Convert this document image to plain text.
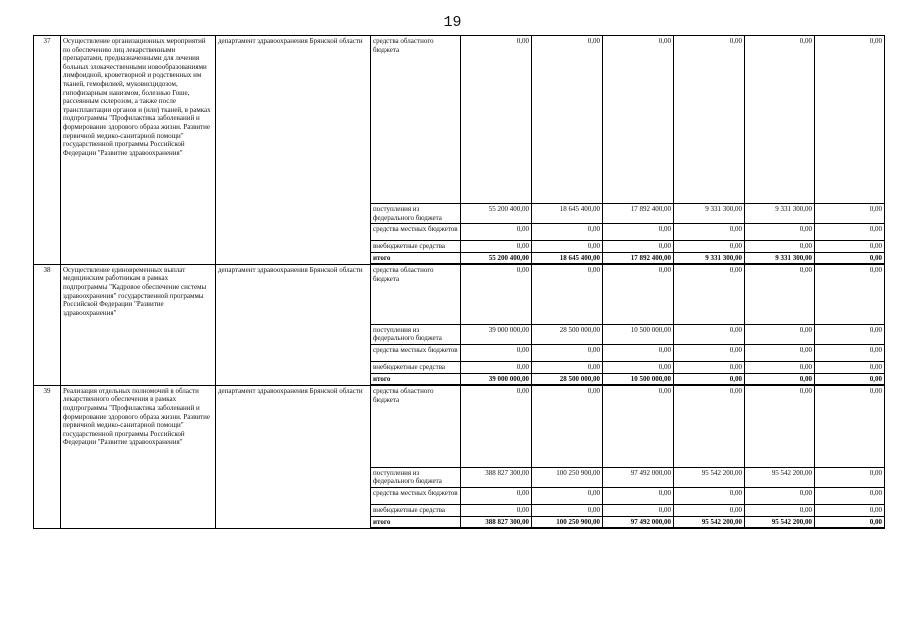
19
37	Осуществление организационных мероприятий по обеспечению лиц лекарственными препаратами, предназначенными для лечения больных злокачественными новообразованиями лимфоидной, кроветворной и родственных им тканей, гемофилией, муковисцидозом, гипофизарным нанизмом, болезнью Гоше, рассеянным склерозом, а также после трансплантации органов и (или) тканей, в рамках подпрограммы "Профилактика заболеваний и формирование здорового образа жизни. Развитие первичной медико-санитарной помощи" государственной программы Российской Федерации "Развитие здравоохранения"	департамент здравоохранения Брянской области	средства областного бюджета	0,00	0,00	0,00	0,00	0,00	0,00
			поступления из федерального бюджета	55 200 400,00	18 645 400,00	17 892 400,00	9 331 300,00	9 331 300,00	0,00
			средства местных бюджетов	0,00	0,00	0,00	0,00	0,00	0,00
			внебюджетные средства	0,00	0,00	0,00	0,00	0,00	0,00
			итого	55 200 400,00	18 645 400,00	17 892 400,00	9 331 300,00	9 331 300,00	0,00
38	Осуществление единовременных выплат медицинским работникам в рамках подпрограммы "Кадровое обеспечение системы здравоохранения" государственной программы Российской Федерации "Развитие здравоохранения"	департамент здравоохранения Брянской области	средства областного бюджета	0,00	0,00	0,00	0,00	0,00	0,00
			поступления из федерального бюджета	39 000 000,00	28 500 000,00	10 500 000,00	0,00	0,00	0,00
			средства местных бюджетов	0,00	0,00	0,00	0,00	0,00	0,00
			внебюджетные средства	0,00	0,00	0,00	0,00	0,00	0,00
			итого	39 000 000,00	28 500 000,00	10 500 000,00	0,00	0,00	0,00
39	Реализация отдельных полномочий в области лекарственного обеспечения в рамках подпрограммы "Профилактика заболеваний и формирование здорового образа жизни. Развитие первичной медико-санитарной помощи" государственной программы Российской Федерации "Развитие здравоохранения"	департамент здравоохранения Брянской области	средства областного бюджета	0,00	0,00	0,00	0,00	0,00	0,00
			поступления из федерального бюджета	388 827 300,00	100 250 900,00	97 492 000,00	95 542 200,00	95 542 200,00	0,00
			средства местных бюджетов	0,00	0,00	0,00	0,00	0,00	0,00
			внебюджетные средства	0,00	0,00	0,00	0,00	0,00	0,00
			итого	388 827 300,00	100 250 900,00	97 492 000,00	95 542 200,00	95 542 200,00	0,00
